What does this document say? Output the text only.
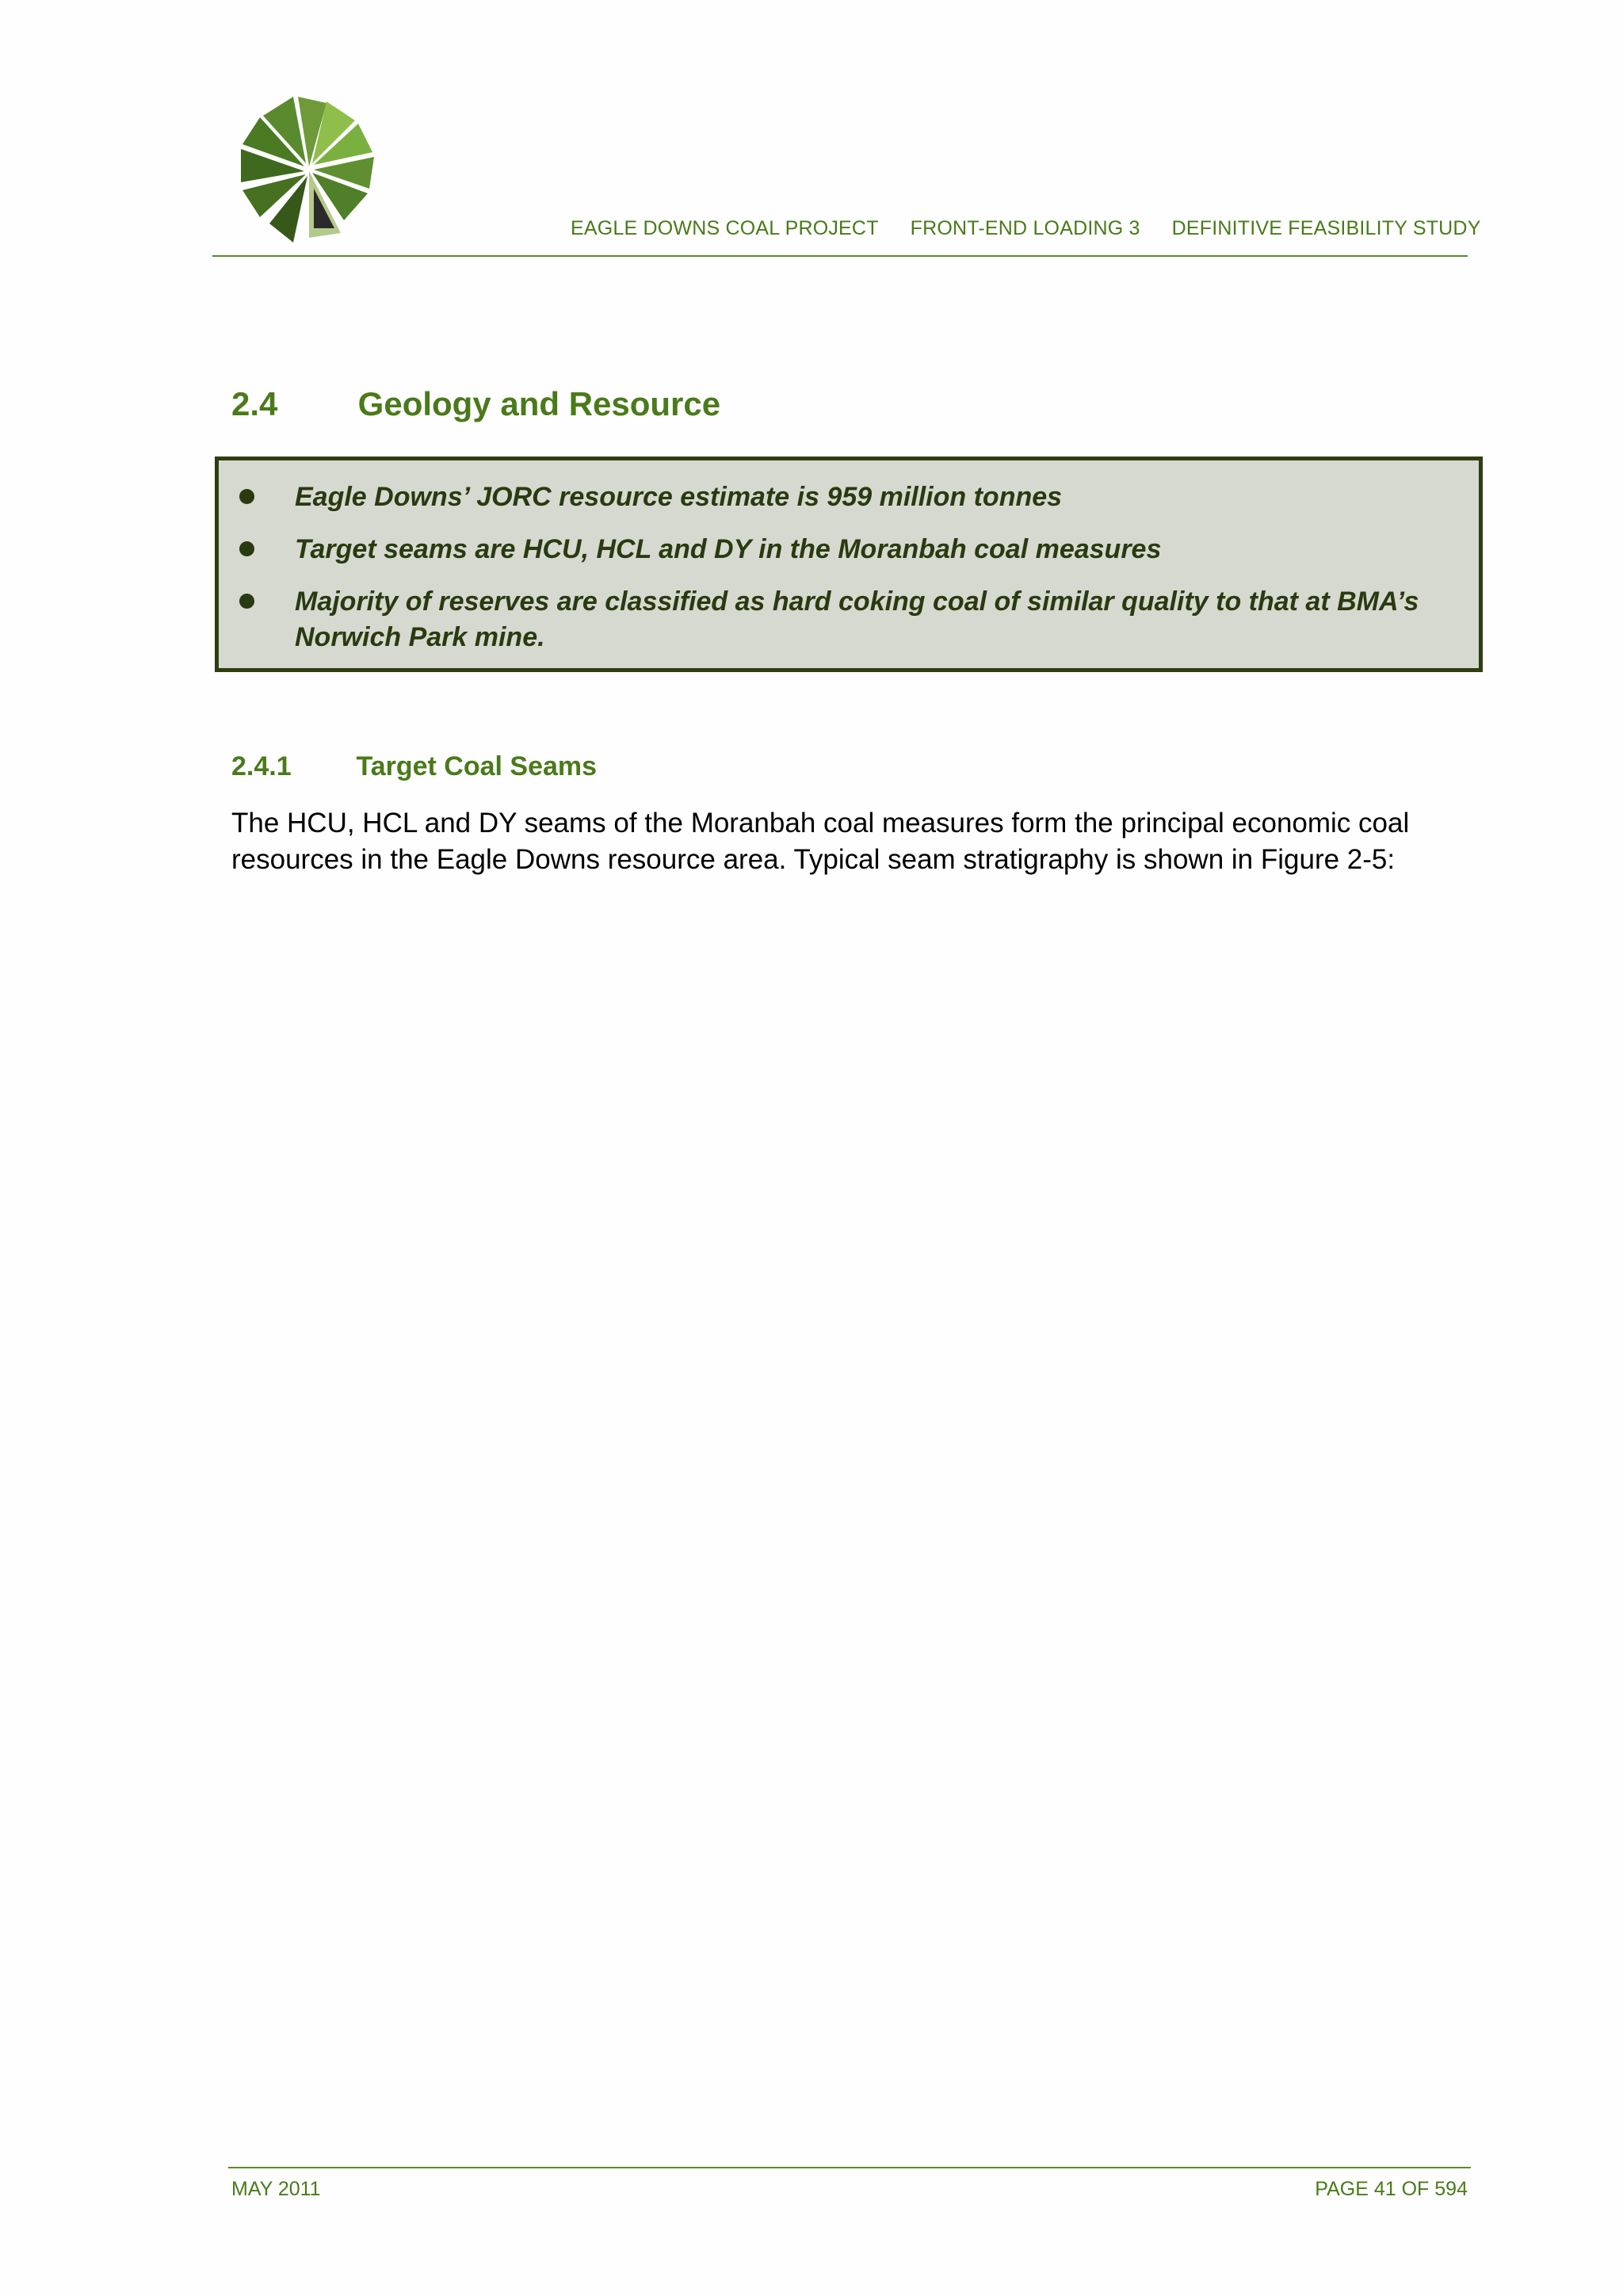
EAGLE DOWNS COAL PROJECT FRONT-END LOADING 3 DEFINITIVE FEASIBILITY STUDY
2.4 Geology and Resource
Eagle Downs’ JORC resource estimate is 959 million tonnes
Target seams are HCU, HCL and DY in the Moranbah coal measures
Majority of reserves are classified as hard coking coal of similar quality to that at BMA’s Norwich Park mine.
2.4.1 Target Coal Seams

The HCU, HCL and DY seams of the Moranbah coal measures form the principal economic coal resources in the Eagle Downs resource area. Typical seam stratigraphy is shown in Figure 2-5:

MAY 2011	PAGE 41 OF 594
